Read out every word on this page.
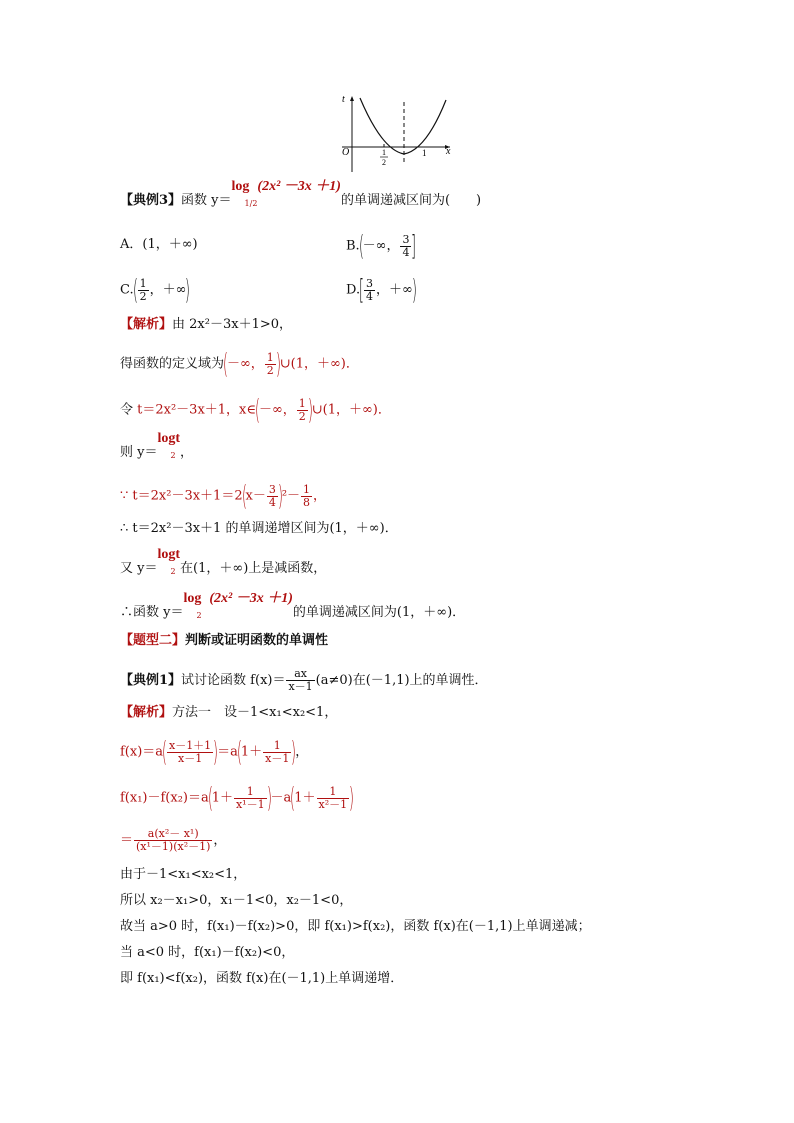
t
O	x
1
2
1
【典例3】函数 y＝log
1/2
(2x² －3x ＋1)的单调递减区间为(　　)
A．(1，＋∞)	B.(－∞， $\frac{3}{4}$ ]
$C.( \frac{1}{2}$ ，＋∞)	$D.[ \frac{3}{4}$ ，＋∞)
【解析】由 2x²－3x＋1>0，
得函数的定义域为(－∞， $\frac{1}{2}$ )∪(1，＋∞)．
令 t＝2x²－3x＋1，x∈(－∞， $\frac{1}{2}$ )∪(1，＋∞)．
则 y＝logt
2 ，
∵ $t=2x^2-3x+1=2(x- \frac{3}{4} )^2- \frac{1}{8}$ ，
∴ t＝2x²－3x＋1 的单调递增区间为(1，＋∞)．
又 y＝logt
2 在(1，＋∞)上是减函数，
∴函数 y＝log
2
(2x² －3x ＋1)的单调递减区间为(1，＋∞)．
【题型二】判断或证明函数的单调性
【典例1】试讨论函数 $f(x)= \frac{ax}{x-1} (a\ne 0)$在(－1,1)上的单调性．
【解析】方法一　设－1<x₁<x₂<1，
$f(x)=a( \frac{x-1+1}{x-1} )=a(1+ \frac{1}{x-1}$ )，
$f(x_1)-f(x_2)=a(1+ \frac{1}{\text{x¹－1}} )-a(1+ \frac{1}{\text{x²－1}}$ )
＝ $\frac{\text{a(x²－ x¹)}}{\text{(x¹－1)(x²－1)}}$ ，
由于－1<x₁<x₂<1，
所以 x₂－x₁>0，x₁－1<0，x₂－1<0，
故当 a>0 时，f(x₁)－f(x₂)>0，即 f(x₁)>f(x₂)，函数 f(x)在(－1,1)上单调递减；
当 a<0 时，f(x₁)－f(x₂)<0，
即 f(x₁)<f(x₂)，函数 f(x)在(－1,1)上单调递增．
